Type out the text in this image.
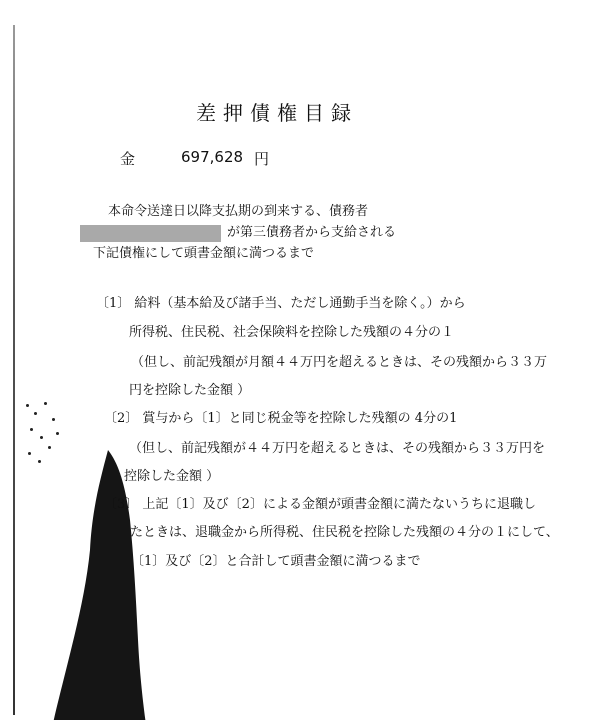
差押債権目録
金	697,628 円
本命令送達日以降支払期の到来する、債務者
が第三債務者から支給される
下記債権にして頭書金額に満つるまで
〔1〕 給料（基本給及び諸手当、ただし通勤手当を除く。）から
所得税、住民税、社会保険料を控除した残額の４分の１
（但し、前記残額が月額４４万円を超えるときは、その残額から３３万
円を控除した金額 ）
〔2〕 賞与から〔1〕と同じ税金等を控除した残額の 4分の1
（但し、前記残額が４４万円を超えるときは、その残額から３３万円を
控除した金額 ）
〔3〕 上記〔1〕及び〔2〕による金額が頭書金額に満たないうちに退職し
たときは、退職金から所得税、住民税を控除した残額の４分の１にして、
〔1〕及び〔2〕と合計して頭書金額に満つるまで
